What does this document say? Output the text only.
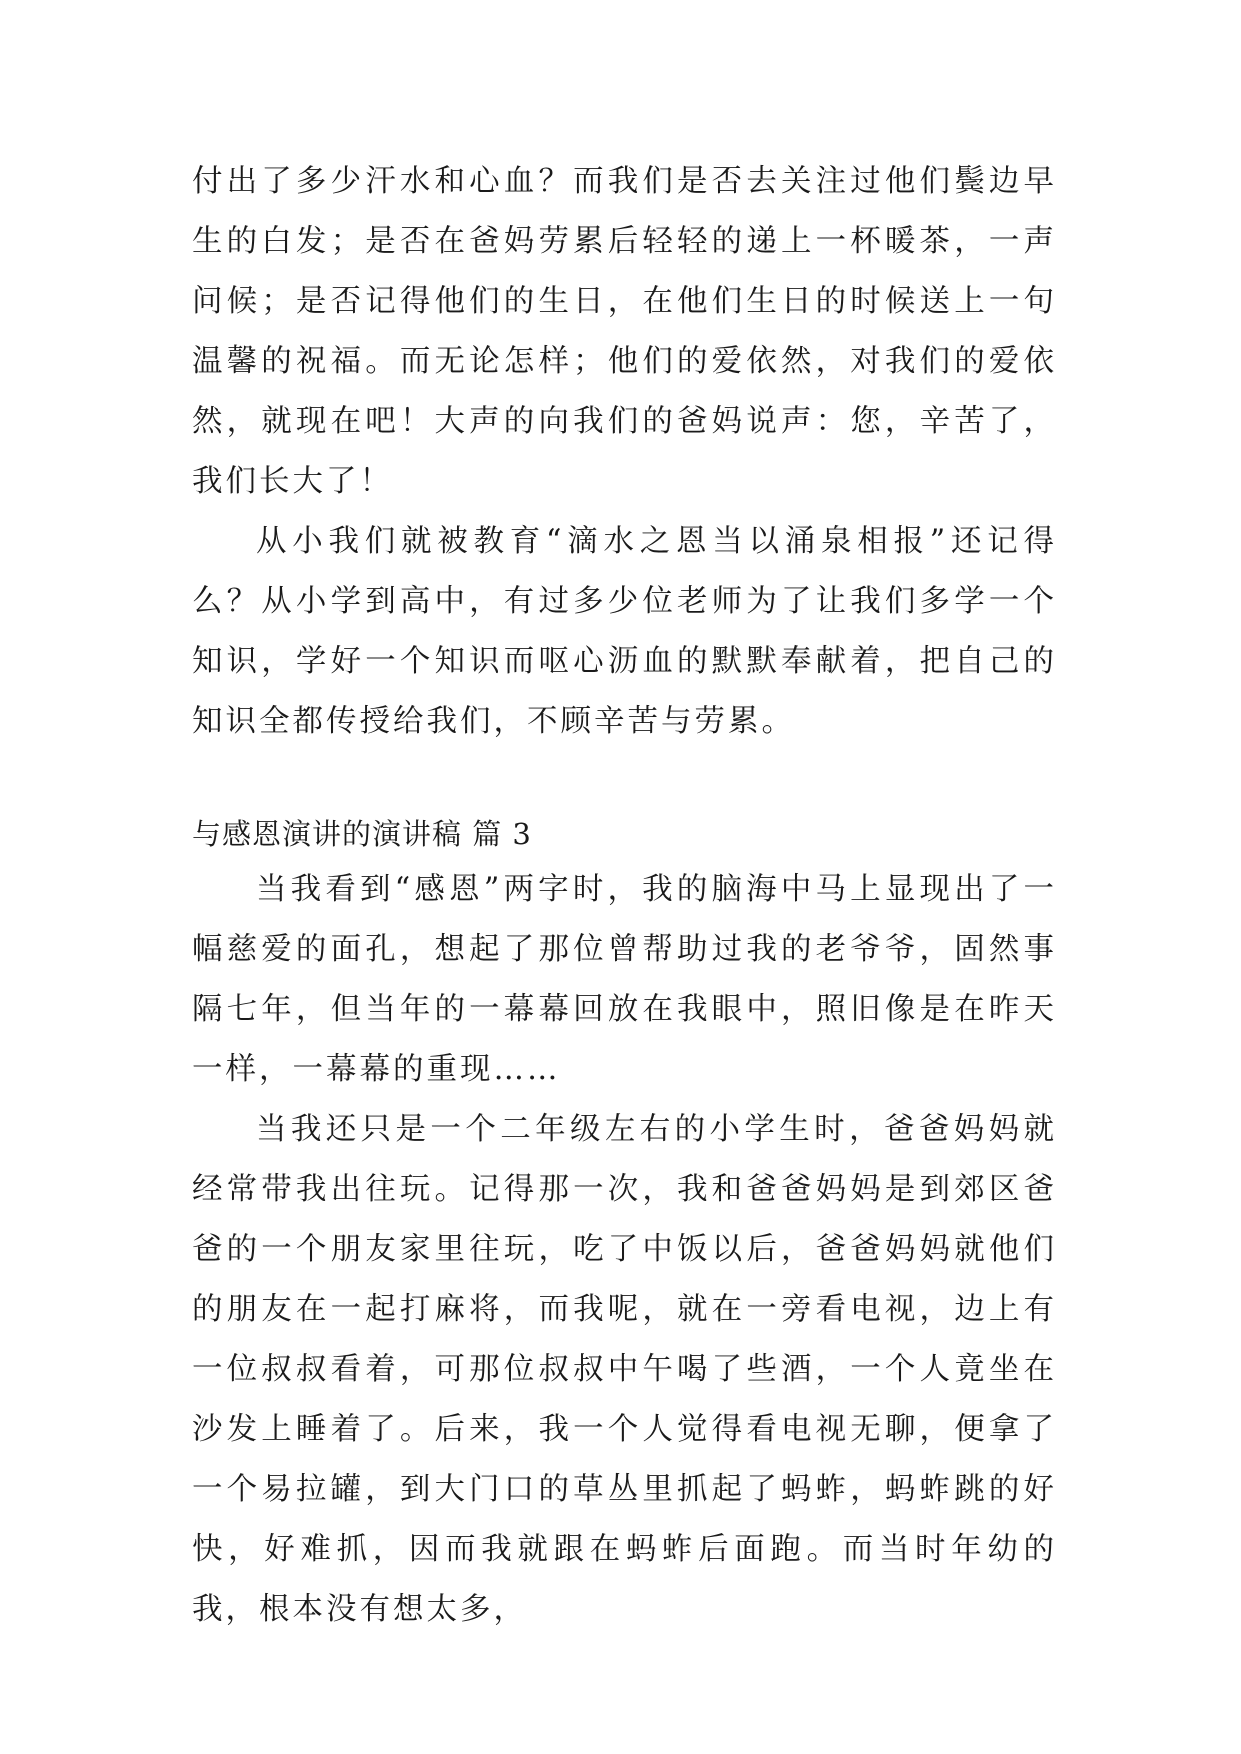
付出了多少汗水和心血？而我们是否去关注过他们鬓边早生的白发；是否在爸妈劳累后轻轻的递上一杯暖茶，一声问候；是否记得他们的生日，在他们生日的时候送上一句温馨的祝福。而无论怎样；他们的爱依然，对我们的爱依然，就现在吧！大声的向我们的爸妈说声：您，辛苦了，我们长大了！

从小我们就被教育“滴水之恩当以涌泉相报”还记得么？从小学到高中，有过多少位老师为了让我们多学一个知识，学好一个知识而呕心沥血的默默奉献着，把自己的知识全都传授给我们，不顾辛苦与劳累。

与感恩演讲的演讲稿 篇 3

当我看到“感恩”两字时，我的脑海中马上显现出了一幅慈爱的面孔，想起了那位曾帮助过我的老爷爷，固然事隔七年，但当年的一幕幕回放在我眼中，照旧像是在昨天一样，一幕幕的重现……

当我还只是一个二年级左右的小学生时，爸爸妈妈就经常带我出往玩。记得那一次，我和爸爸妈妈是到郊区爸爸的一个朋友家里往玩，吃了中饭以后，爸爸妈妈就他们的朋友在一起打麻将，而我呢，就在一旁看电视，边上有一位叔叔看着，可那位叔叔中午喝了些酒，一个人竟坐在沙发上睡着了。后来，我一个人觉得看电视无聊，便拿了一个易拉罐，到大门口的草丛里抓起了蚂蚱，蚂蚱跳的好快，好难抓，因而我就跟在蚂蚱后面跑。而当时年幼的我，根本没有想太多，
